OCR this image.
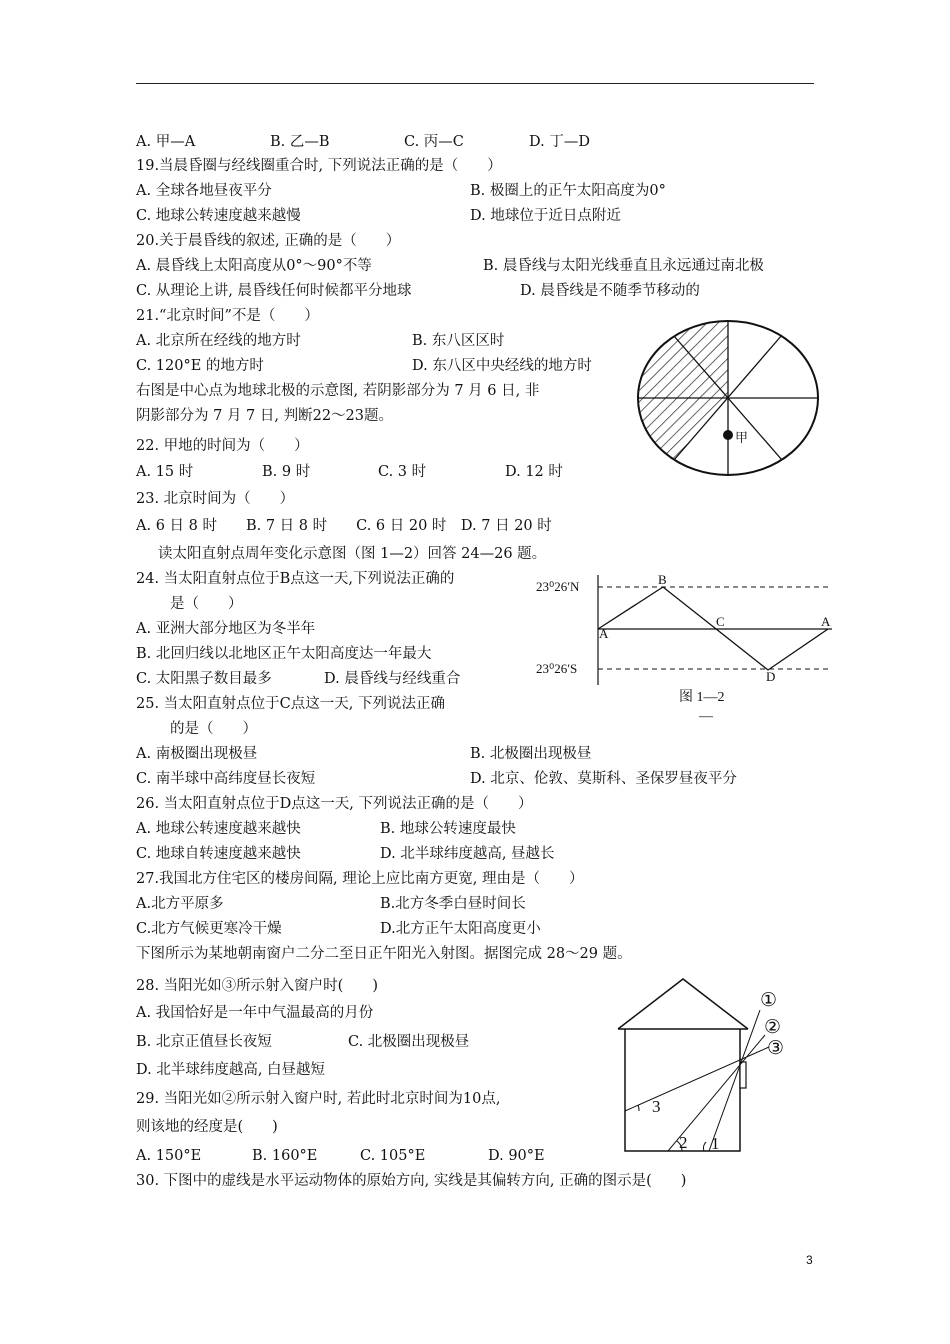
A. 甲—A	B. 乙—B	C. 丙—C	D. 丁—D
19.当晨昏圈与经线圈重合时, 下列说法正确的是（　　）
A. 全球各地昼夜平分	B. 极圈上的正午太阳高度为0°
C. 地球公转速度越来越慢	D. 地球位于近日点附近
20.关于晨昏线的叙述, 正确的是（　　）
A. 晨昏线上太阳高度从0°～90°不等	B. 晨昏线与太阳光线垂直且永远通过南北极
C. 从理论上讲, 晨昏线任何时候都平分地球	D. 晨昏线是不随季节移动的
21.“北京时间”不是（　　）
A. 北京所在经线的地方时	B. 东八区区时
C. 120°E 的地方时	D. 东八区中央经线的地方时
右图是中心点为地球北极的示意图, 若阴影部分为 7 月 6 日, 非
阴影部分为 7 月 7 日, 判断22～23题。
22. 甲地的时间为（　　）
A. 15 时	B. 9 时	C. 3 时	D. 12 时
23. 北京时间为（　　）
A. 6 日 8 时　　B. 7 日 8 时　　C. 6 日 20 时　D. 7 日 20 时
读太阳直射点周年变化示意图（图 1—2）回答 24—26 题。
24. 当太阳直射点位于B点这一天,下列说法正确的
是（　　）
A. 亚洲大部分地区为冬半年
B. 北回归线以北地区正午太阳高度达一年最大
C. 太阳黑子数目最多	D. 晨昏线与经线重合
25. 当太阳直射点位于C点这一天, 下列说法正确
的是（　　）
A. 南极圈出现极昼	B. 北极圈出现极昼
C. 南半球中高纬度昼长夜短	D. 北京、伦敦、莫斯科、圣保罗昼夜平分
26. 当太阳直射点位于D点这一天, 下列说法正确的是（　　）
A. 地球公转速度越来越快	B. 地球公转速度最快
C. 地球自转速度越来越快	D. 北半球纬度越高, 昼越长
27.我国北方住宅区的楼房间隔, 理论上应比南方更宽, 理由是（　　）
A.北方平原多	B.北方冬季白昼时间长
C.北方气候更寒冷干燥	D.北方正午太阳高度更小
下图所示为某地朝南窗户二分二至日正午阳光入射图。据图完成 28～29 题。
28. 当阳光如③所示射入窗户时(　　)
A. 我国恰好是一年中气温最高的月份
B. 北京正值昼长夜短	C. 北极圈出现极昼
D. 北半球纬度越高, 白昼越短
29. 当阳光如②所示射入窗户时, 若此时北京时间为10点,
则该地的经度是(　　)
A. 150°E	B. 160°E	C. 105°E	D. 90°E
30. 下图中的虚线是水平运动物体的原始方向, 实线是其偏转方向, 正确的图示是(　　)
甲
23⁰26′N
23⁰26′S
A
B
C	A
D
图 1—2
—
①
②
③
1
2
3
3
